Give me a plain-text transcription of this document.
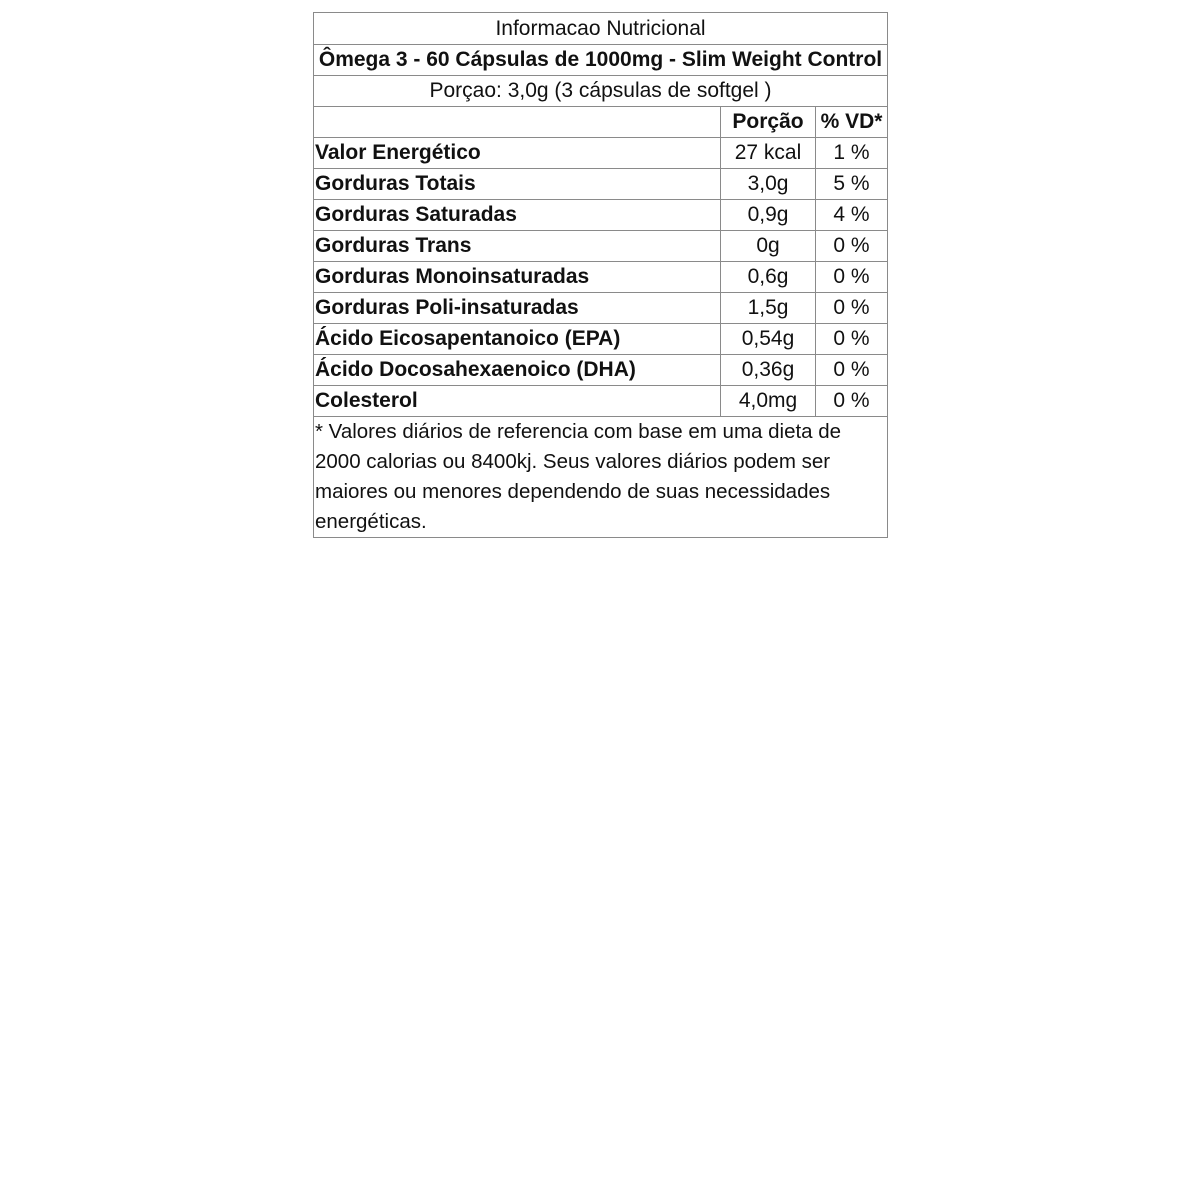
Informacao Nutricional		
Ômega 3 - 60 Cápsulas de 1000mg - Slim Weight Control		
Porçao: 3,0g (3 cápsulas de softgel )		
	Porção	% VD*
Valor Energético	27 kcal	1 %
Gorduras Totais	3,0g	5 %
Gorduras Saturadas	0,9g	4 %
Gorduras Trans	0g	0 %
Gorduras Monoinsaturadas	0,6g	0 %
Gorduras Poli-insaturadas	1,5g	0 %
Ácido Eicosapentanoico (EPA)	0,54g	0 %
Ácido Docosahexaenoico (DHA)	0,36g	0 %
Colesterol	4,0mg	0 %
* Valores diários de referencia com base em uma dieta de 2000 calorias ou 8400kj. Seus valores diários podem ser maiores ou menores dependendo de suas necessidades energéticas.		
